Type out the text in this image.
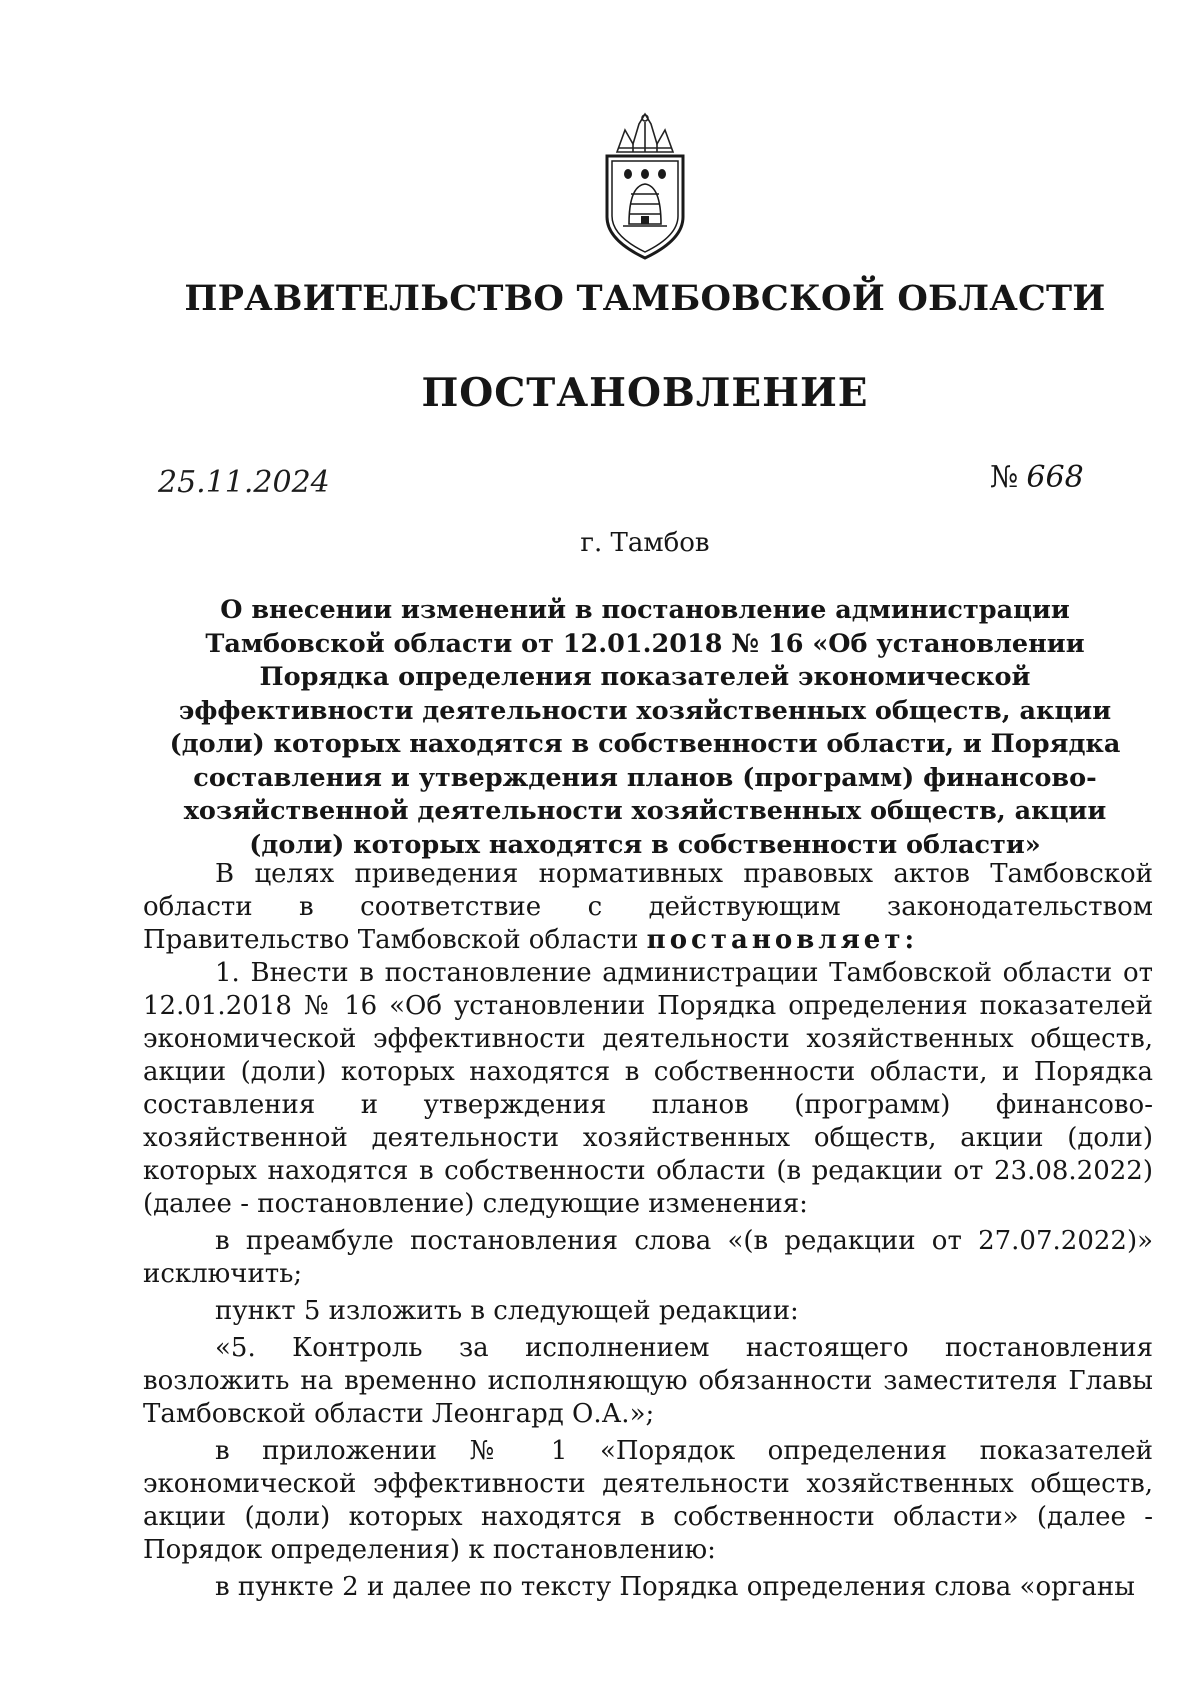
ПРАВИТЕЛЬСТВО ТАМБОВСКОЙ ОБЛАСТИ
ПОСТАНОВЛЕНИЕ
25.11.2024	№ 668
г. Тамбов
О внесении изменений в постановление администрации Тамбовской области от 12.01.2018 № 16 «Об установлении Порядка определения показателей экономической эффективности деятельности хозяйственных обществ, акции (доли) которых находятся в собственности области, и Порядка составления и утверждения планов (программ) финансово-хозяйственной деятельности хозяйственных обществ, акции (доли) которых находятся в собственности области»

В целях приведения нормативных правовых актов Тамбовской области в соответствие с действующим законодательством Правительство Тамбовской области постановляет:

1. Внести в постановление администрации Тамбовской области от 12.01.2018 № 16 «Об установлении Порядка определения показателей экономической эффективности деятельности хозяйственных обществ, акции (доли) которых находятся в собственности области, и Порядка составления и утверждения планов (программ) финансово-хозяйственной деятельности хозяйственных обществ, акции (доли) которых находятся в собственности области (в редакции от 23.08.2022) (далее - постановление) следующие изменения:

в преамбуле постановления слова «(в редакции от 27.07.2022)» исключить;

пункт 5 изложить в следующей редакции:

«5. Контроль за исполнением настоящего постановления возложить на временно исполняющую обязанности заместителя Главы Тамбовской области Леонгард О.А.»;

в приложении № 1 «Порядок определения показателей экономической эффективности деятельности хозяйственных обществ, акции (доли) которых находятся в собственности области» (далее - Порядок определения) к постановлению:

в пункте 2 и далее по тексту Порядка определения слова «органы
